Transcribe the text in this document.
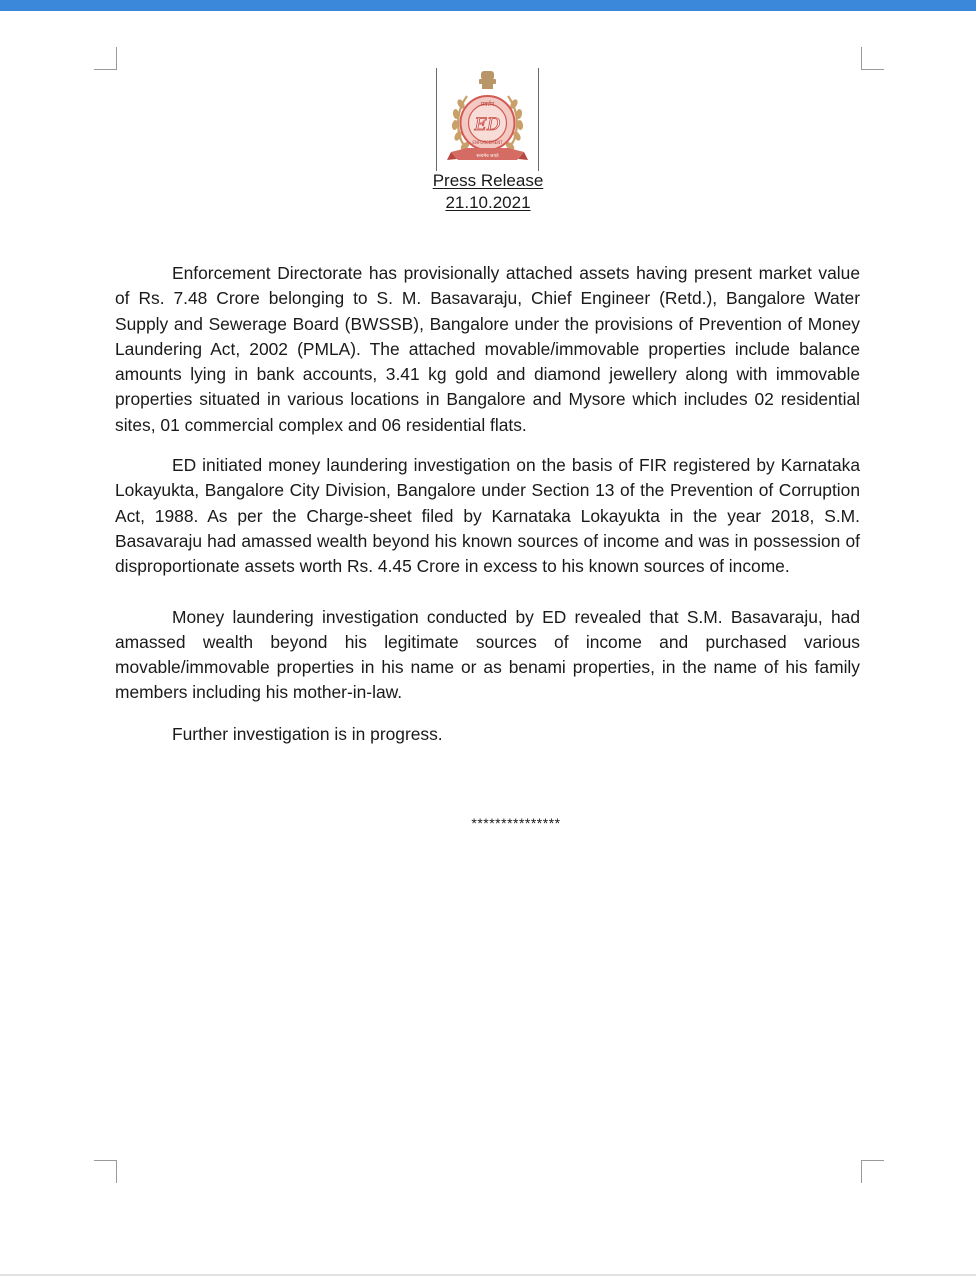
प्रवर्तन
ED
ENFORCEMENT
सत्यमेव जयते
Press Release
21.10.2021

Enforcement Directorate has provisionally attached assets having present market value of Rs. 7.48 Crore belonging to S. M. Basavaraju, Chief Engineer (Retd.), Bangalore Water Supply and Sewerage Board (BWSSB), Bangalore under the provisions of Prevention of Money Laundering Act, 2002 (PMLA). The attached movable/immovable properties include balance amounts lying in bank accounts, 3.41 kg gold and diamond jewellery along with immovable properties situated in various locations in Bangalore and Mysore which includes 02 residential sites, 01 commercial complex and 06 residential flats.

ED initiated money laundering investigation on the basis of FIR registered by Karnataka Lokayukta, Bangalore City Division, Bangalore under Section 13 of the Prevention of Corruption Act, 1988. As per the Charge-sheet filed by Karnataka Lokayukta in the year 2018, S.M. Basavaraju had amassed wealth beyond his known sources of income and was in possession of disproportionate assets worth Rs. 4.45 Crore in excess to his known sources of income.

Money laundering investigation conducted by ED revealed that S.M. Basavaraju, had amassed wealth beyond his legitimate sources of income and purchased various movable/immovable properties in his name or as benami properties, in the name of his family members including his mother-in-law.

Further investigation is in progress.

***************
